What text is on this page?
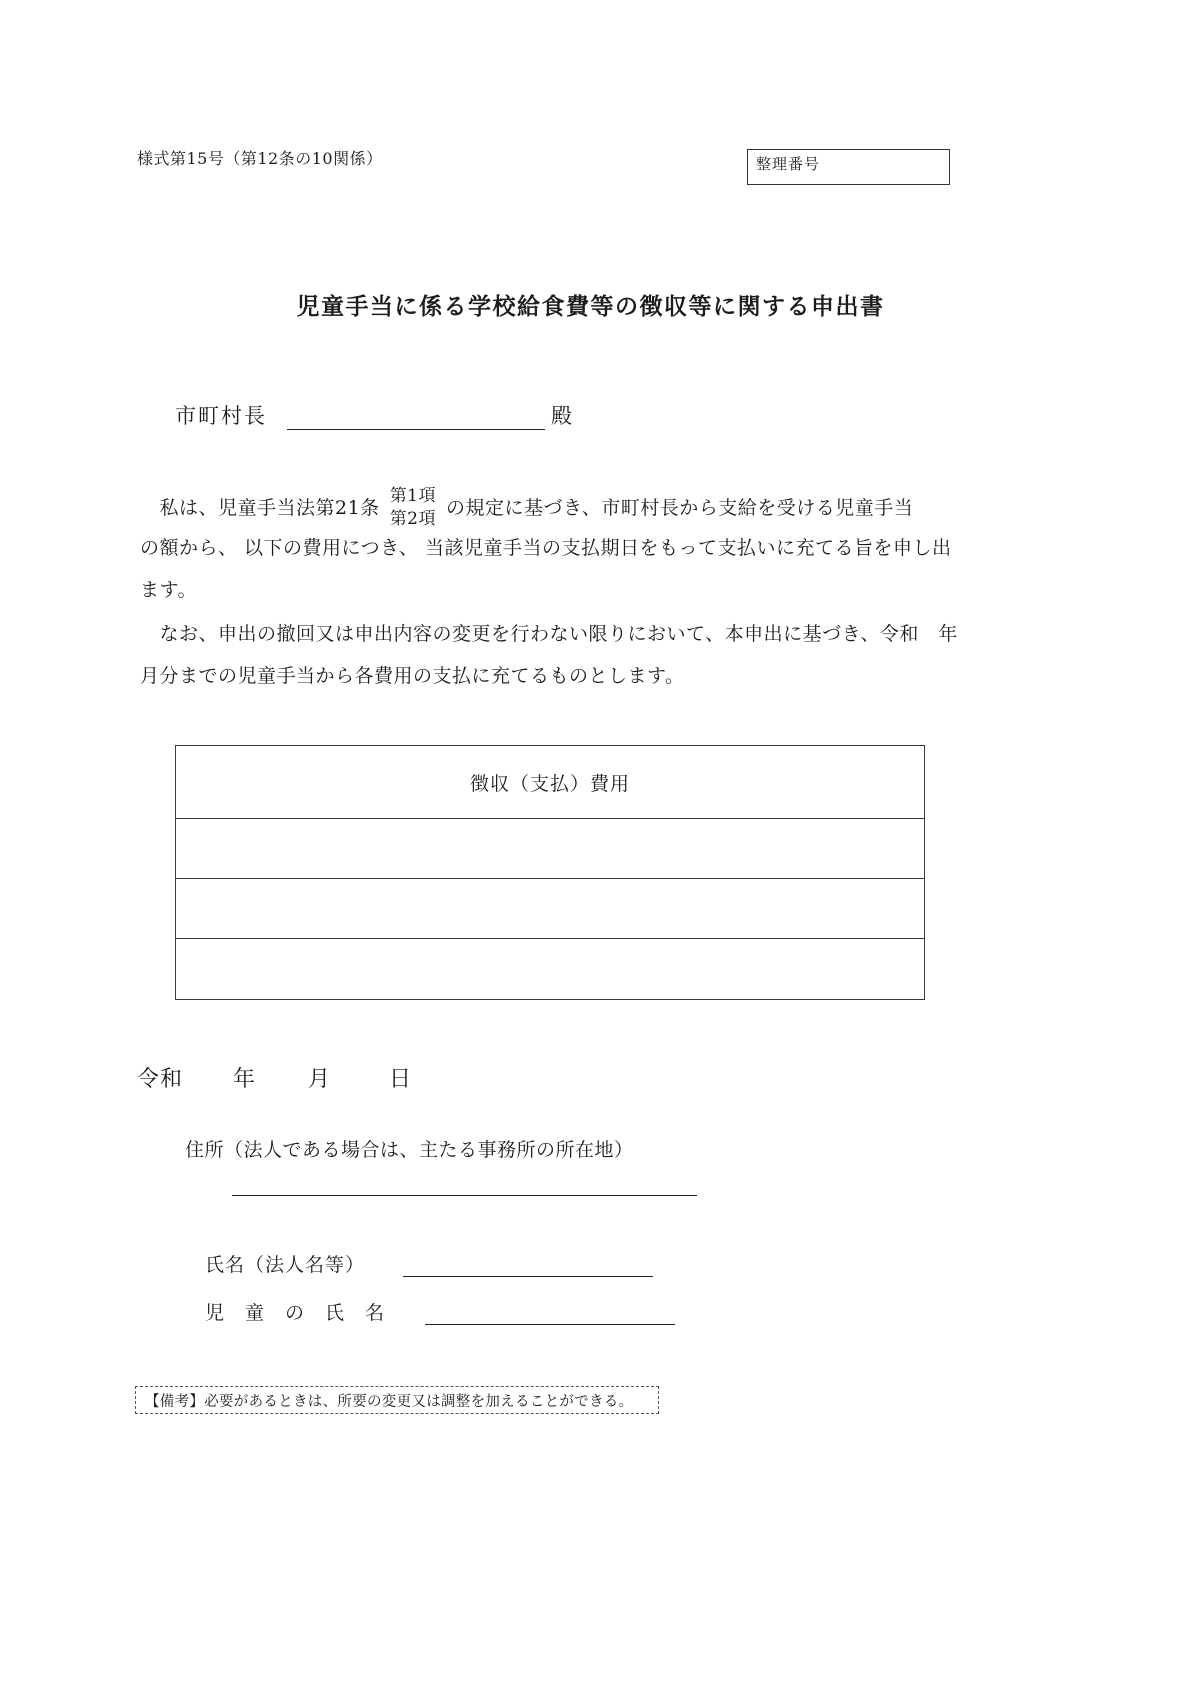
様式第15号（第12条の10関係）	整理番号
児童手当に係る学校給食費等の徴収等に関する申出書
市町村長	殿
　私は、児童手当法第21条
第1項
第2項
の規定に基づき、市町村長から支給を受ける児童手当
の額から、 以下の費用につき、 当該児童手当の支払期日をもって支払いに充てる旨を申し出
ます。
　なお、申出の撤回又は申出内容の変更を行わない限りにおいて、本申出に基づき、令和　年
月分までの児童手当から各費用の支払に充てるものとします。
徴収（支払）費用
令和 年 月	日
住所（法人である場合は、主たる事務所の所在地）
氏名（法人名等）
児　童　の　氏　名
【備考】必要があるときは、所要の変更又は調整を加えることができる。
